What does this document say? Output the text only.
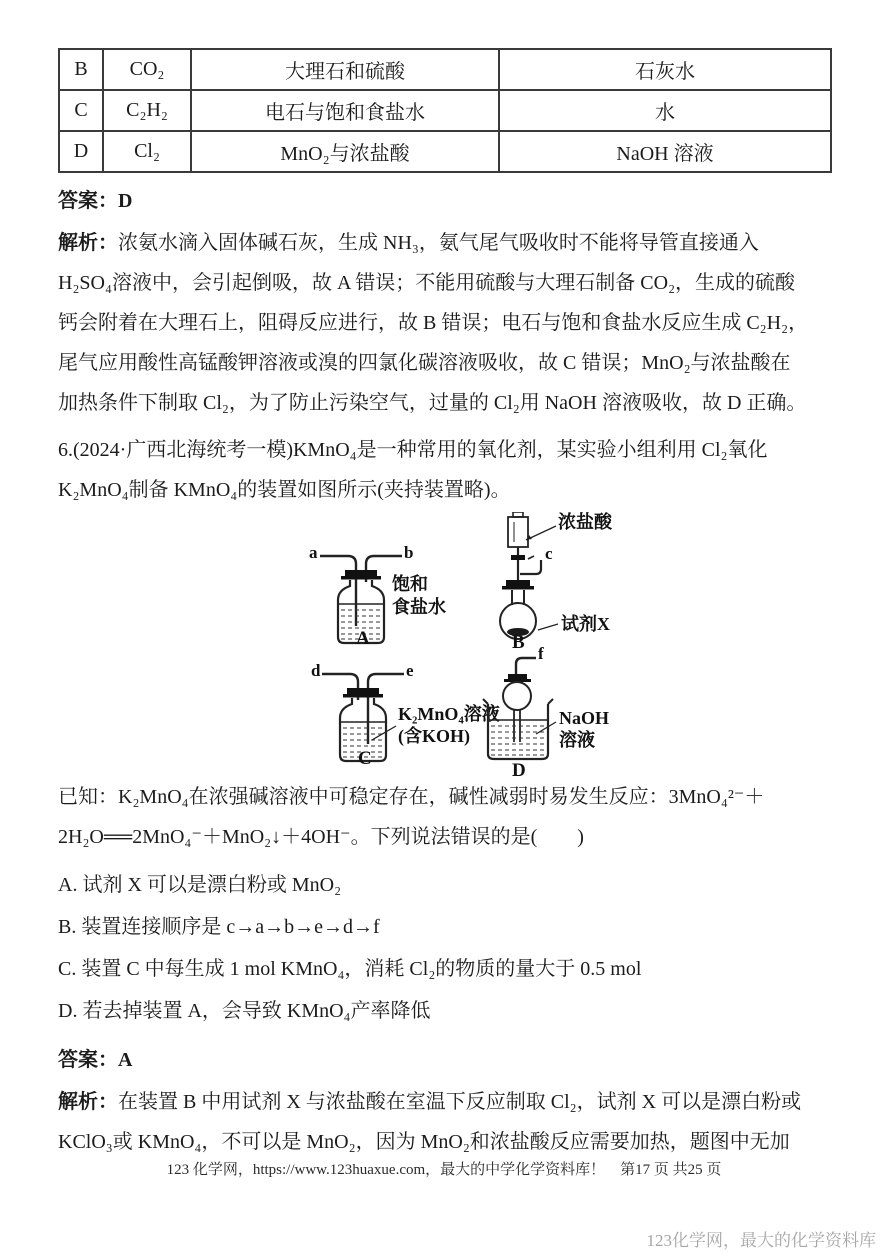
B	CO₂	大理石和硫酸	石灰水
C	C₂H₂	电石与饱和食盐水	水
D	Cl₂	MnO₂与浓盐酸	NaOH 溶液
答案：D
解析：浓氨水滴入固体碱石灰，生成 NH₃，氨气尾气吸收时不能将导管直接通入
H₂SO₄溶液中，会引起倒吸，故 A 错误；不能用硫酸与大理石制备 CO₂，生成的硫酸
钙会附着在大理石上，阻碍反应进行，故 B 错误；电石与饱和食盐水反应生成 C₂H₂，
尾气应用酸性高锰酸钾溶液或溴的四氯化碳溶液吸收，故 C 错误；MnO₂与浓盐酸在
加热条件下制取 Cl₂，为了防止污染空气，过量的 Cl₂用 NaOH 溶液吸收，故 D 正确。
6.(2024·广西北海统考一模)KMnO₄是一种常用的氧化剂，某实验小组利用 Cl₂氧化
K₂MnO₄制备 KMnO₄的装置如图所示(夹持装置略)。
a	b
饱和
食盐水
A
浓盐酸
c
试剂X
B
d	e
K₂MnO₄溶液
(含KOH)
C
f
NaOH
溶液
D
已知：K₂MnO₄在浓强碱溶液中可稳定存在，碱性减弱时易发生反应：3MnO₄²⁻＋
2H₂O══2MnO₄⁻＋MnO₂↓＋4OH⁻。下列说法错误的是(　　)
A. 试剂 X 可以是漂白粉或 MnO₂
B. 装置连接顺序是 c→a→b→e→d→f
C. 装置 C 中每生成 1 mol KMnO₄，消耗 Cl₂的物质的量大于 0.5 mol
D. 若去掉装置 A，会导致 KMnO₄产率降低
答案：A
解析：在装置 B 中用试剂 X 与浓盐酸在室温下反应制取 Cl₂，试剂 X 可以是漂白粉或
KClO₃或 KMnO₄，不可以是 MnO₂，因为 MnO₂和浓盐酸反应需要加热，题图中无加
123 化学网，https://www.123huaxue.com，最大的中学化学资料库！　第17 页 共25 页
123化学网，最大的化学资料库
